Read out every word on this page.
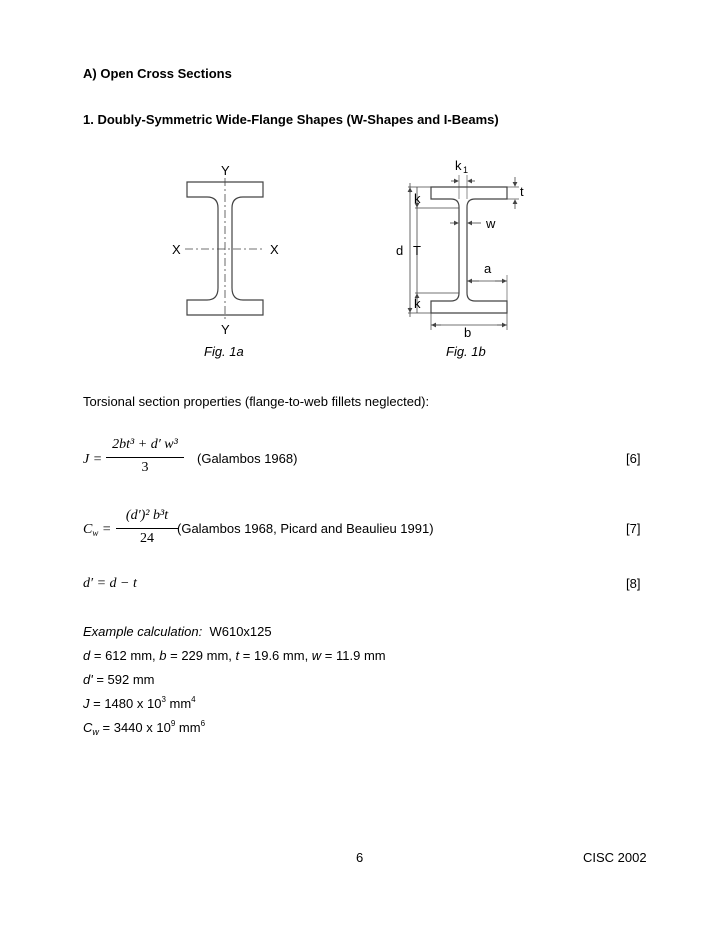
A) Open Cross Sections
1. Doubly-Symmetric Wide-Flange Shapes (W-Shapes and I-Beams)
Y
Y
X	X
Fig. 1a
k 1
t
k
w
d T
a
k
b
Fig. 1b
Torsional section properties (flange-to-web fillets neglected):
J =
2bt³ + d′ w³
3
(Galambos 1968)	[6]
$C_w$ =
(d′)² b³t
24
(Galambos 1968, Picard and Beaulieu 1991)	[7]
d′ = d − t	[8]
Example calculation: W610x125
d = 612 mm, b = 229 mm, t = 19.6 mm, w = 11.9 mm
d' = 592 mm
J = 1480 x $10^3$ $mm^4$
$C_w = 3440$ x $10^9$ $mm^6$
6	CISC 2002
